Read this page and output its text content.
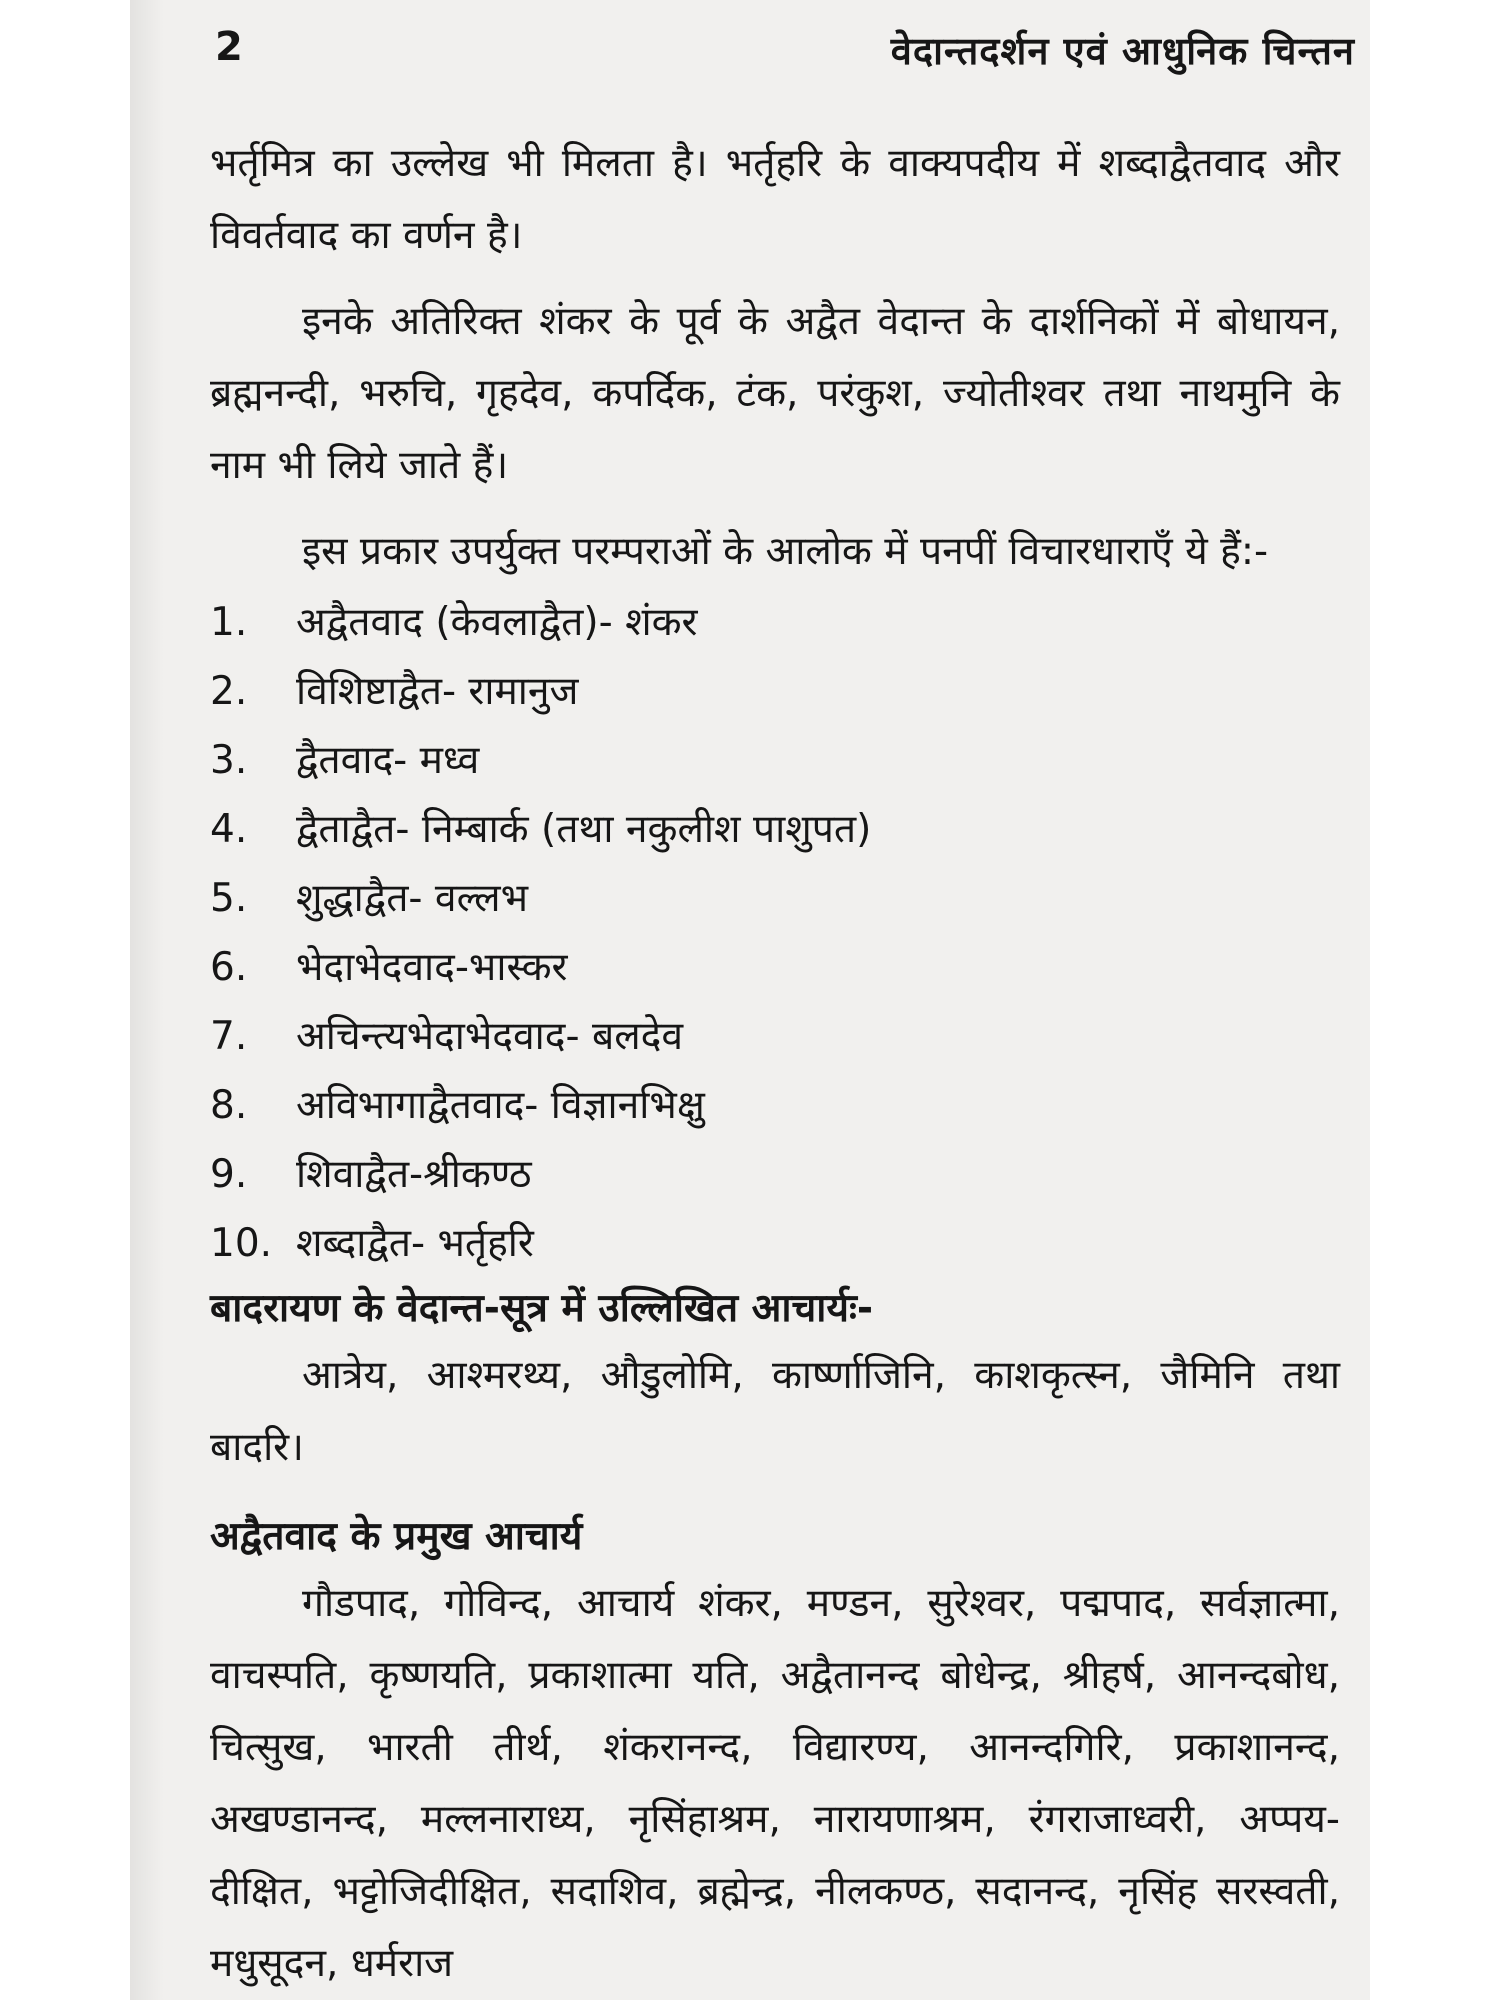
2	वेदान्तदर्शन एवं आधुनिक चिन्तन

भर्तृमित्र का उल्लेख भी मिलता है। भर्तृहरि के वाक्यपदीय में शब्दाद्वैतवाद और विवर्तवाद का वर्णन है।

इनके अतिरिक्त शंकर के पूर्व के अद्वैत वेदान्त के दार्शनिकों में बोधायन, ब्रह्मनन्दी, भरुचि, गृहदेव, कपर्दिक, टंक, परंकुश, ज्योतीश्वर तथा नाथमुनि के नाम भी लिये जाते हैं।

इस प्रकार उपर्युक्त परम्पराओं के आलोक में पनपीं विचारधाराएँ ये हैं:-

1.	अद्वैतवाद (केवलाद्वैत)- शंकर
2.	विशिष्टाद्वैत- रामानुज
3.	द्वैतवाद- मध्व
4.	द्वैताद्वैत- निम्बार्क (तथा नकुलीश पाशुपत)
5.	शुद्धाद्वैत- वल्लभ
6.	भेदाभेदवाद-भास्कर
7.	अचिन्त्यभेदाभेदवाद- बलदेव
8.	अविभागाद्वैतवाद- विज्ञानभिक्षु
9.	शिवाद्वैत-श्रीकण्ठ
10. शब्दाद्वैत- भर्तृहरि
बादरायण के वेदान्त-सूत्र में उल्लिखित आचार्यः-

आत्रेय, आश्मरथ्य, औडुलोमि, कार्ष्णाजिनि, काशकृत्स्न, जैमिनि तथा बादरि।

अद्वैतवाद के प्रमुख आचार्य

गौडपाद, गोविन्द, आचार्य शंकर, मण्डन, सुरेश्वर, पद्मपाद, सर्वज्ञात्मा, वाचस्पति, कृष्णयति, प्रकाशात्मा यति, अद्वैतानन्द बोधेन्द्र, श्रीहर्ष, आनन्दबोध, चित्सुख, भारती तीर्थ, शंकरानन्द, विद्यारण्य, आनन्दगिरि, प्रकाशानन्द, अखण्डानन्द, मल्लनाराध्य, नृसिंहाश्रम, नारायणाश्रम, रंगराजाध्वरी, अप्पय-दीक्षित, भट्टोजिदीक्षित, सदाशिव, ब्रह्मेन्द्र, नीलकण्ठ, सदानन्द, नृसिंह सरस्वती, मधुसूदन, धर्मराज
